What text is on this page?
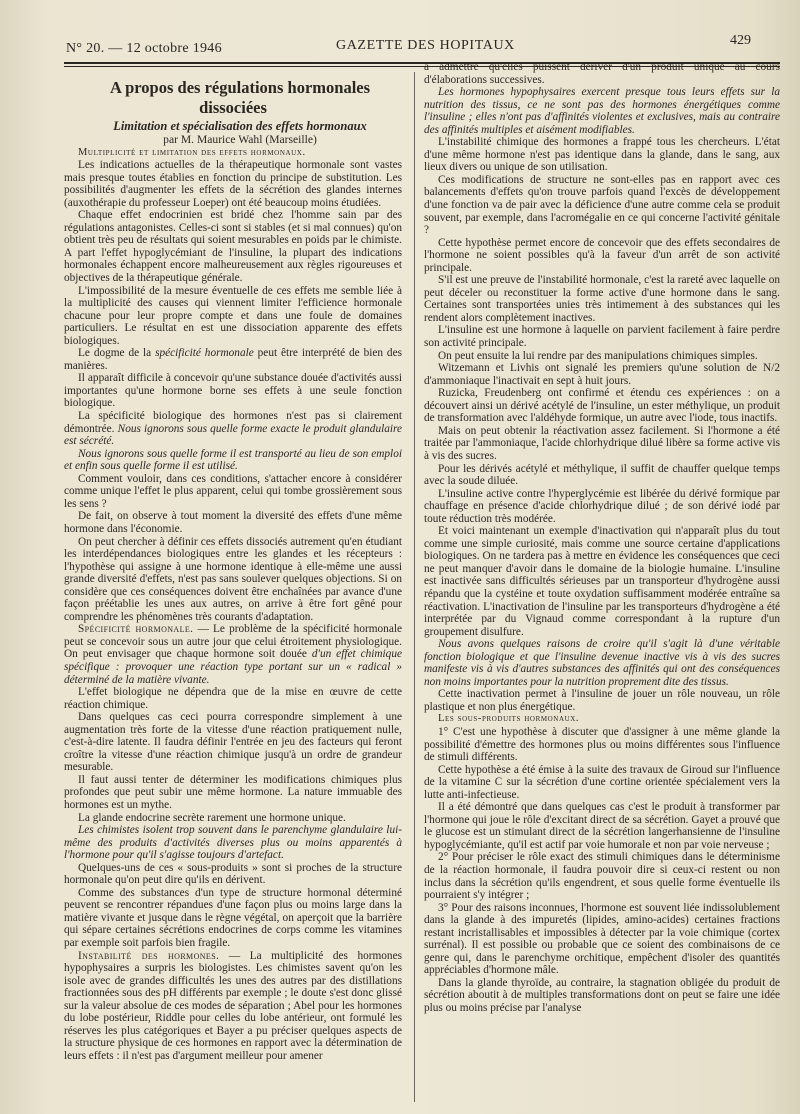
N° 20. — 12 octobre 1946	GAZETTE DES HOPITAUX	429

A propos des régulations hormonales dissociées

Limitation et spécialisation des effets hormonaux

par M. Maurice Wahl (Marseille)

Multiplicité et limitation des effets hormonaux.

Les indications actuelles de la thérapeutique hormonale sont vastes mais presque toutes établies en fonction du principe de substitution. Les possibilités d'augmenter les effets de la sécrétion des glandes internes (auxothérapie du professeur Loeper) ont été beaucoup moins étudiées.

Chaque effet endocrinien est bridé chez l'homme sain par des régulations antagonistes. Celles-ci sont si stables (et si mal connues) qu'on obtient très peu de résultats qui soient mesurables en poids par le chimiste. A part l'effet hypoglycémiant de l'insuline, la plupart des indications hormonales échappent encore malheureusement aux règles rigoureuses et objectives de la thérapeutique générale.

L'impossibilité de la mesure éventuelle de ces effets me semble liée à la multiplicité des causes qui viennent limiter l'efficience hormonale chacune pour leur propre compte et dans une foule de domaines particuliers. Le résultat en est une dissociation apparente des effets biologiques.

Le dogme de la spécificité hormonale peut être interprété de bien des manières.

Il apparaît difficile à concevoir qu'une substance douée d'activités aussi importantes qu'une hormone borne ses effets à une seule fonction biologique.

La spécificité biologique des hormones n'est pas si clairement démontrée. Nous ignorons sous quelle forme exacte le produit glandulaire est sécrété.

Nous ignorons sous quelle forme il est transporté au lieu de son emploi et enfin sous quelle forme il est utilisé.

Comment vouloir, dans ces conditions, s'attacher encore à considérer comme unique l'effet le plus apparent, celui qui tombe grossièrement sous les sens ?

De fait, on observe à tout moment la diversité des effets d'une même hormone dans l'économie.

On peut chercher à définir ces effets dissociés autrement qu'en étudiant les interdépendances biologiques entre les glandes et les récepteurs : l'hypothèse qui assigne à une hormone identique à elle-même une aussi grande diversité d'effets, n'est pas sans soulever quelques objections. Si on considère que ces conséquences doivent être enchaînées par avance d'une façon préétablie les unes aux autres, on arrive à être fort gêné pour comprendre les phénomènes très courants d'adaptation.

Spécificité hormonale. — Le problème de la spécificité hormonale peut se concevoir sous un autre jour que celui étroitement physiologique. On peut envisager que chaque hormone soit douée d'un effet chimique spécifique : provoquer une réaction type portant sur un « radical » déterminé de la matière vivante.

L'effet biologique ne dépendra que de la mise en œuvre de cette réaction chimique.

Dans quelques cas ceci pourra correspondre simplement à une augmentation très forte de la vitesse d'une réaction pratiquement nulle, c'est-à-dire latente. Il faudra définir l'entrée en jeu des facteurs qui feront croître la vitesse d'une réaction chimique jusqu'à un ordre de grandeur mesurable.

Il faut aussi tenter de déterminer les modifications chimiques plus profondes que peut subir une même hormone. La nature immuable des hormones est un mythe.

La glande endocrine secrète rarement une hormone unique.

Les chimistes isolent trop souvent dans le parenchyme glandulaire lui-même des produits d'activités diverses plus ou moins apparentés à l'hormone pour qu'il s'agisse toujours d'artefact.

Quelques-uns de ces « sous-produits » sont si proches de la structure hormonale qu'on peut dire qu'ils en dérivent.

Comme des substances d'un type de structure hormonal déterminé peuvent se rencontrer répandues d'une façon plus ou moins large dans la matière vivante et jusque dans le règne végétal, on aperçoit que la barrière qui sépare certaines sécrétions endocrines de corps comme les vitamines par exemple soit parfois bien fragile.

Instabilité des hormones. — La multiplicité des hormones hypophysaires a surpris les biologistes. Les chimistes savent qu'on les isole avec de grandes difficultés les unes des autres par des distillations fractionnées sous des pH différents par exemple ; le doute s'est donc glissé sur la valeur absolue de ces modes de séparation ; Abel pour les hormones du lobe postérieur, Riddle pour celles du lobe antérieur, ont formulé les réserves les plus catégoriques et Bayer a pu préciser quelques aspects de la structure physique de ces hormones en rapport avec la détermination de leurs effets : il n'est pas d'argument meilleur pour amener

à admettre qu'elles puissent dériver d'un produit unique au cours d'élaborations successives.

Les hormones hypophysaires exercent presque tous leurs effets sur la nutrition des tissus, ce ne sont pas des hormones énergétiques comme l'insuline ; elles n'ont pas d'affinités violentes et exclusives, mais au contraire des affinités multiples et aisément modifiables.

L'instabilité chimique des hormones a frappé tous les chercheurs. L'état d'une même hormone n'est pas identique dans la glande, dans le sang, aux lieux divers ou unique de son utilisation.

Ces modifications de structure ne sont-elles pas en rapport avec ces balancements d'effets qu'on trouve parfois quand l'excès de développement d'une fonction va de pair avec la déficience d'une autre comme cela se produit souvent, par exemple, dans l'acromégalie en ce qui concerne l'activité génitale ?

Cette hypothèse permet encore de concevoir que des effets secondaires de l'hormone ne soient possibles qu'à la faveur d'un arrêt de son activité principale.

S'il est une preuve de l'instabilité hormonale, c'est la rareté avec laquelle on peut déceler ou reconstituer la forme active d'une hormone dans le sang. Certaines sont transportées unies très intimement à des substances qui les rendent alors complètement inactives.

L'insuline est une hormone à laquelle on parvient facilement à faire perdre son activité principale.

On peut ensuite la lui rendre par des manipulations chimiques simples.

Witzemann et Livhis ont signalé les premiers qu'une solution de N/2 d'ammoniaque l'inactivait en sept à huit jours.

Ruzicka, Freudenberg ont confirmé et étendu ces expériences : on a découvert ainsi un dérivé acétylé de l'insuline, un ester méthylique, un produit de transformation avec l'aldéhyde formique, un autre avec l'iode, tous inactifs.

Mais on peut obtenir la réactivation assez facilement. Si l'hormone a été traitée par l'ammoniaque, l'acide chlorhydrique dilué libère sa forme active vis à vis des sucres.

Pour les dérivés acétylé et méthylique, il suffit de chauffer quelque temps avec la soude diluée.

L'insuline active contre l'hyperglycémie est libérée du dérivé formique par chauffage en présence d'acide chlorhydrique dilué ; de son dérivé iodé par toute réduction très modérée.

Et voici maintenant un exemple d'inactivation qui n'apparaît plus du tout comme une simple curiosité, mais comme une source certaine d'applications biologiques. On ne tardera pas à mettre en évidence les conséquences que ceci ne peut manquer d'avoir dans le domaine de la biologie humaine. L'insuline est inactivée sans difficultés sérieuses par un transporteur d'hydrogène aussi répandu que la cystéine et toute oxydation suffisamment modérée entraîne sa réactivation. L'inactivation de l'insuline par les transporteurs d'hydrogène a été interprétée par du Vignaud comme correspondant à la rupture d'un groupement disulfure.

Nous avons quelques raisons de croire qu'il s'agit là d'une véritable fonction biologique et que l'insuline devenue inactive vis à vis des sucres manifeste vis à vis d'autres substances des affinités qui ont des conséquences non moins importantes pour la nutrition proprement dite des tissus.

Cette inactivation permet à l'insuline de jouer un rôle nouveau, un rôle plastique et non plus énergétique.

Les sous-produits hormonaux.

1° C'est une hypothèse à discuter que d'assigner à une même glande la possibilité d'émettre des hormones plus ou moins différentes sous l'influence de stimuli différents.

Cette hypothèse a été émise à la suite des travaux de Giroud sur l'influence de la vitamine C sur la sécrétion d'une cortine orientée spécialement vers la lutte anti-infectieuse.

Il a été démontré que dans quelques cas c'est le produit à transformer par l'hormone qui joue le rôle d'excitant direct de sa sécrétion. Gayet a prouvé que le glucose est un stimulant direct de la sécrétion langerhansienne de l'insuline hypoglycémiante, qu'il est actif par voie humorale et non par voie nerveuse ;

2° Pour préciser le rôle exact des stimuli chimiques dans le déterminisme de la réaction hormonale, il faudra pouvoir dire si ceux-ci restent ou non inclus dans la sécrétion qu'ils engendrent, et sous quelle forme éventuelle ils pourraient s'y intégrer ;

3° Pour des raisons inconnues, l'hormone est souvent liée indissolublement dans la glande à des impuretés (lipides, amino-acides) certaines fractions restant incristallisables et impossibles à détecter par la voie chimique (cortex surrénal). Il est possible ou probable que ce soient des combinaisons de ce genre qui, dans le parenchyme orchitique, empêchent d'isoler des quantités appréciables d'hormone mâle.

Dans la glande thyroïde, au contraire, la stagnation obligée du produit de sécrétion aboutit à de multiples transformations dont on peut se faire une idée plus ou moins précise par l'analyse
